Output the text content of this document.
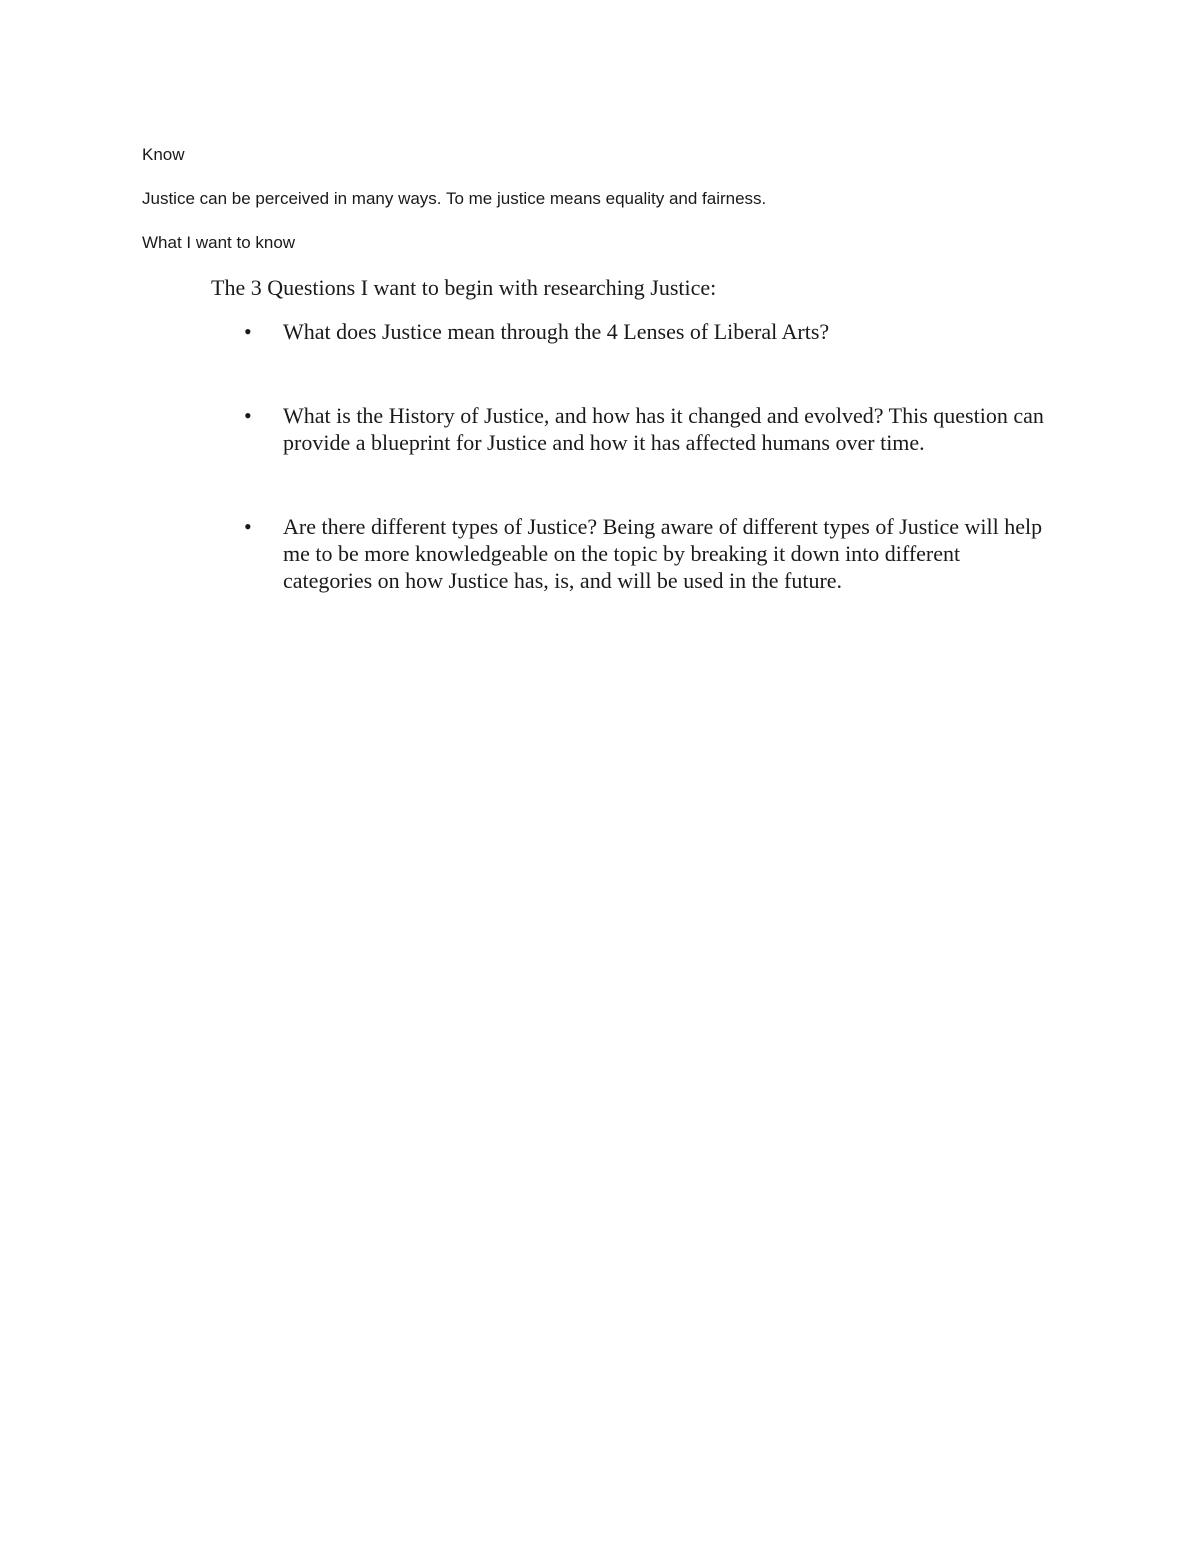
Know
Justice can be perceived in many ways. To me justice means equality and fairness.
What I want to know
The 3 Questions I want to begin with researching Justice:
•	What does Justice mean through the 4 Lenses of Liberal Arts?
•	What is the History of Justice, and how has it changed and evolved? This question can provide a blueprint for Justice and how it has affected humans over time.
•	Are there different types of Justice? Being aware of different types of Justice will help me to be more knowledgeable on the topic by breaking it down into different categories on how Justice has, is, and will be used in the future.
